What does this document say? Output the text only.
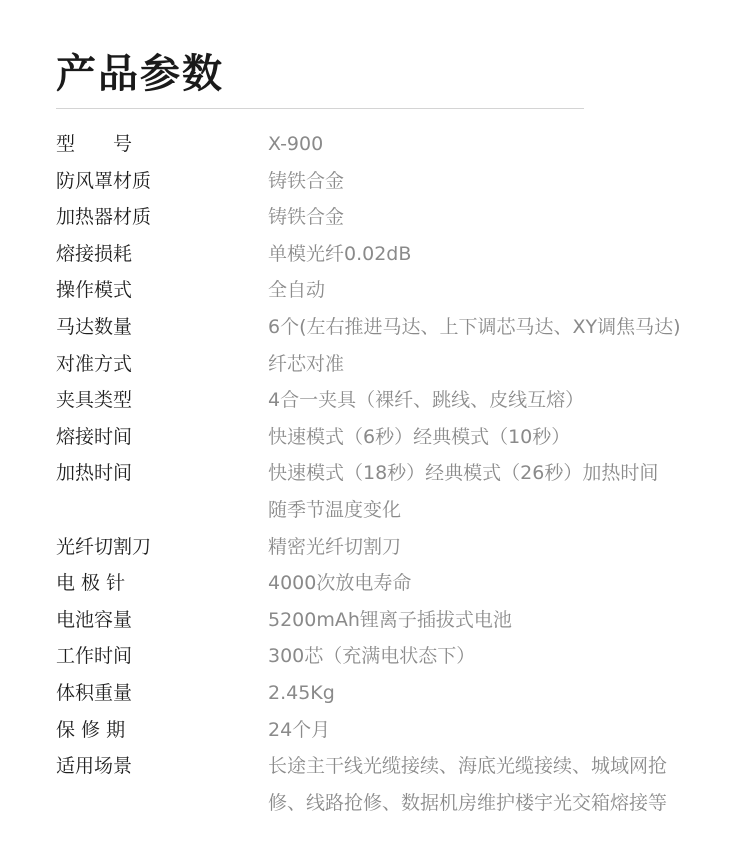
产品参数
型　　号	X-900
防风罩材质	铸铁合金
加热器材质	铸铁合金
熔接损耗	单模光纤0.02dB
操作模式	全自动
马达数量	6个(左右推进马达、上下调芯马达、XY调焦马达)
对准方式	纤芯对准
夹具类型	4合一夹具（裸纤、跳线、皮线互熔）
熔接时间	快速模式（6秒）经典模式（10秒）
加热时间	快速模式（18秒）经典模式（26秒）加热时间
随季节温度变化
光纤切割刀	精密光纤切割刀
电 极 针	4000次放电寿命
电池容量	5200mAh锂离子插拔式电池
工作时间	300芯（充满电状态下）
体积重量	2.45Kg
保 修 期	24个月
适用场景	长途主干线光缆接续、海底光缆接续、城域网抢
修、线路抢修、数据机房维护楼宇光交箱熔接等
